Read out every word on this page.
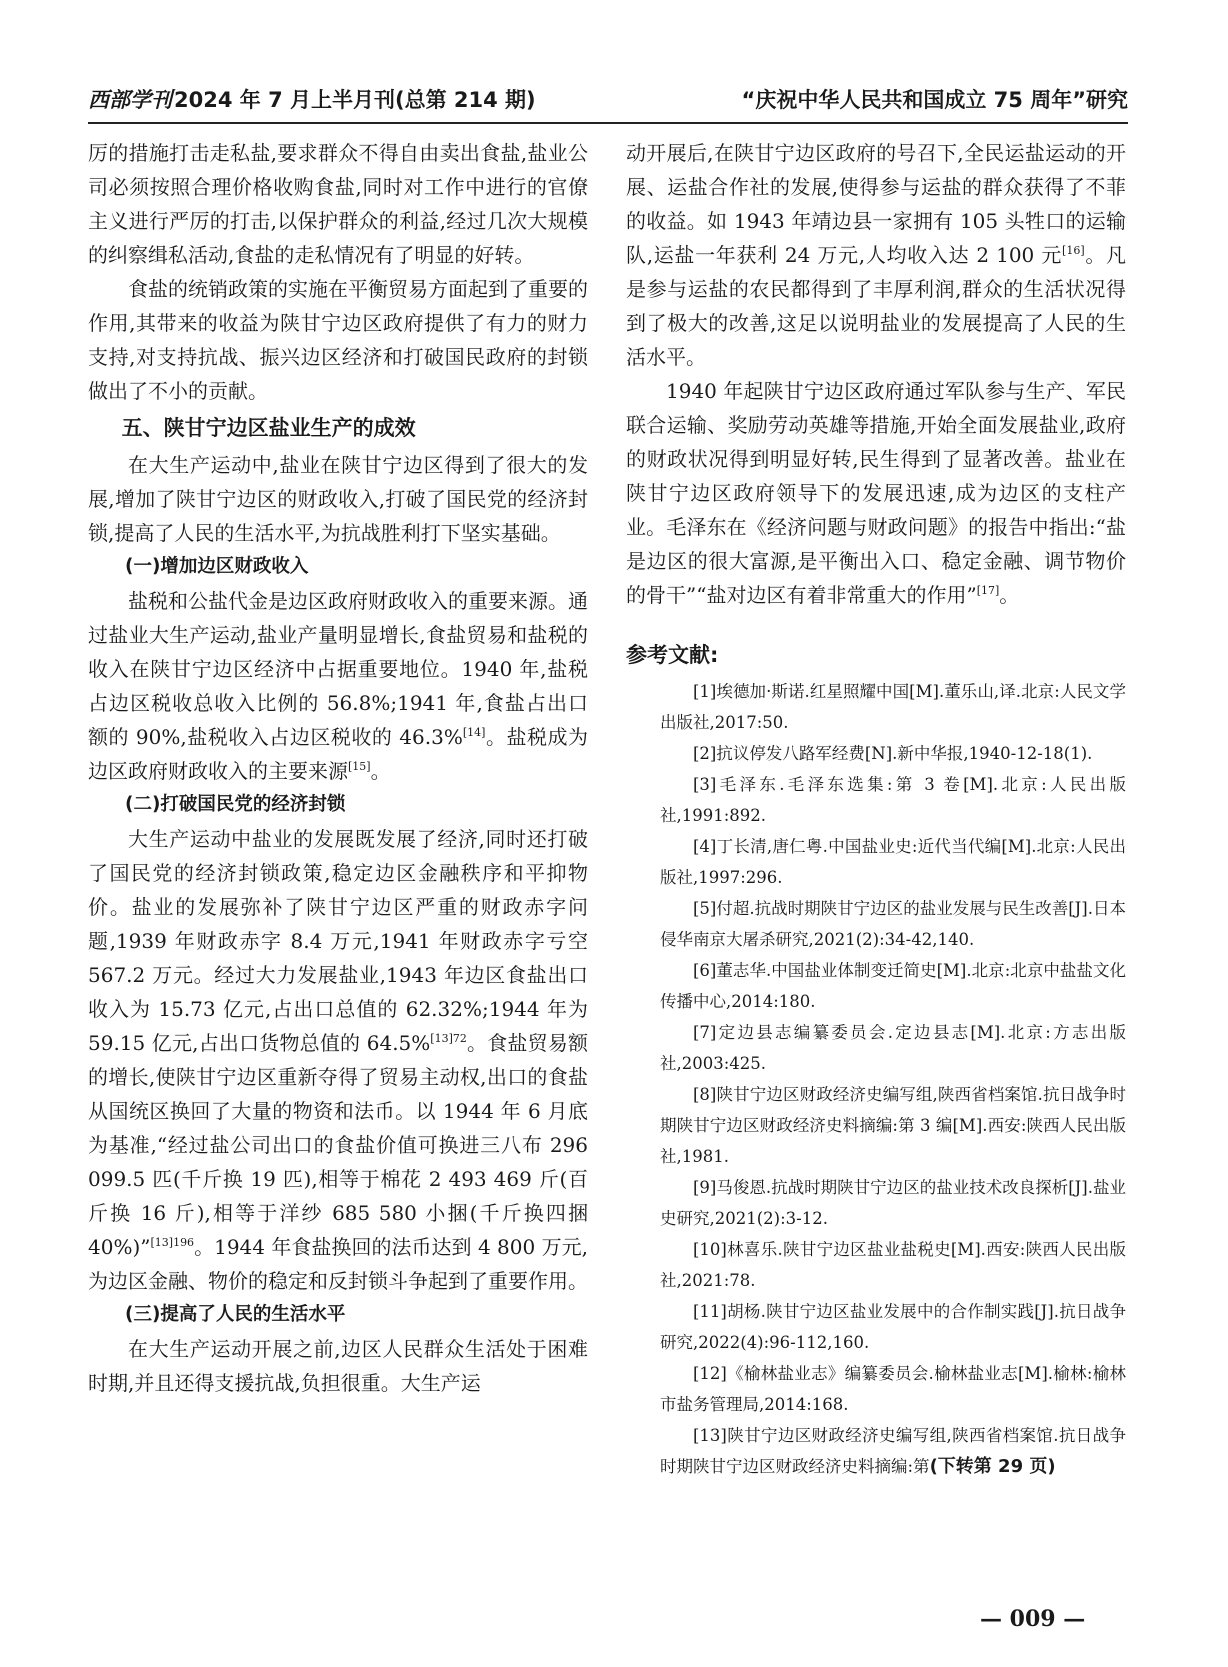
西部学刊2024 年 7 月上半月刊(总第 214 期)	“庆祝中华人民共和国成立 75 周年”研究

厉的措施打击走私盐,要求群众不得自由卖出食盐,盐业公司必须按照合理价格收购食盐,同时对工作中进行的官僚主义进行严厉的打击,以保护群众的利益,经过几次大规模的纠察缉私活动,食盐的走私情况有了明显的好转。

食盐的统销政策的实施在平衡贸易方面起到了重要的作用,其带来的收益为陕甘宁边区政府提供了有力的财力支持,对支持抗战、振兴边区经济和打破国民政府的封锁做出了不小的贡献。

五、陕甘宁边区盐业生产的成效

在大生产运动中,盐业在陕甘宁边区得到了很大的发展,增加了陕甘宁边区的财政收入,打破了国民党的经济封锁,提高了人民的生活水平,为抗战胜利打下坚实基础。

(一)增加边区财政收入

盐税和公盐代金是边区政府财政收入的重要来源。通过盐业大生产运动,盐业产量明显增长,食盐贸易和盐税的收入在陕甘宁边区经济中占据重要地位。1940 年,盐税占边区税收总收入比例的 56.8%;1941 年,食盐占出口额的 90%,盐税收入占边区税收的 46.3%[14]。盐税成为边区政府财政收入的主要来源[15]。

(二)打破国民党的经济封锁

大生产运动中盐业的发展既发展了经济,同时还打破了国民党的经济封锁政策,稳定边区金融秩序和平抑物价。盐业的发展弥补了陕甘宁边区严重的财政赤字问题,1939 年财政赤字 8.4 万元,1941 年财政赤字亏空 567.2 万元。经过大力发展盐业,1943 年边区食盐出口收入为 15.73 亿元,占出口总值的 62.32%;1944 年为 59.15 亿元,占出口货物总值的 64.5%$^{[13]72}$。食盐贸易额的增长,使陕甘宁边区重新夺得了贸易主动权,出口的食盐从国统区换回了大量的物资和法币。以 1944 年 6 月底为基准,“经过盐公司出口的食盐价值可换进三八布 296 099.5 匹(千斤换 19 匹),相等于棉花 2 493 469 斤(百斤换 16 斤),相等于洋纱 685 580 小捆(千斤换四捆 40%)”$^{[13]196}$。1944 年食盐换回的法币达到 4 800 万元,为边区金融、物价的稳定和反封锁斗争起到了重要作用。

(三)提高了人民的生活水平

在大生产运动开展之前,边区人民群众生活处于困难时期,并且还得支援抗战,负担很重。大生产运

动开展后,在陕甘宁边区政府的号召下,全民运盐运动的开展、运盐合作社的发展,使得参与运盐的群众获得了不菲的收益。如 1943 年靖边县一家拥有 105 头牲口的运输队,运盐一年获利 24 万元,人均收入达 2 100 元[16]。凡是参与运盐的农民都得到了丰厚利润,群众的生活状况得到了极大的改善,这足以说明盐业的发展提高了人民的生活水平。

1940 年起陕甘宁边区政府通过军队参与生产、军民联合运输、奖励劳动英雄等措施,开始全面发展盐业,政府的财政状况得到明显好转,民生得到了显著改善。盐业在陕甘宁边区政府领导下的发展迅速,成为边区的支柱产业。毛泽东在《经济问题与财政问题》的报告中指出:“盐是边区的很大富源,是平衡出入口、稳定金融、调节物价的骨干”“盐对边区有着非常重大的作用”[17]。

参考文献:

[1]埃德加·斯诺.红星照耀中国[M].董乐山,译.北京:人民文学出版社,2017:50.

[2]抗议停发八路军经费[N].新中华报,1940-12-18(1).

[3]毛泽东.毛泽东选集:第 3 卷[M].北京:人民出版社,1991:892.

[4]丁长清,唐仁粤.中国盐业史:近代当代编[M].北京:人民出版社,1997:296.

[5]付超.抗战时期陕甘宁边区的盐业发展与民生改善[J].日本侵华南京大屠杀研究,2021(2):34-42,140.

[6]董志华.中国盐业体制变迁简史[M].北京:北京中盐盐文化传播中心,2014:180.

[7]定边县志编纂委员会.定边县志[M].北京:方志出版社,2003:425.

[8]陕甘宁边区财政经济史编写组,陕西省档案馆.抗日战争时期陕甘宁边区财政经济史料摘编:第 3 编[M].西安:陕西人民出版社,1981.

[9]马俊恩.抗战时期陕甘宁边区的盐业技术改良探析[J].盐业史研究,2021(2):3-12.

[10]林喜乐.陕甘宁边区盐业盐税史[M].西安:陕西人民出版社,2021:78.

[11]胡杨.陕甘宁边区盐业发展中的合作制实践[J].抗日战争研究,2022(4):96-112,160.

[12]《榆林盐业志》编纂委员会.榆林盐业志[M].榆林:榆林市盐务管理局,2014:168.

[13]陕甘宁边区财政经济史编写组,陕西省档案馆.抗日战争时期陕甘宁边区财政经济史料摘编:第(下转第 29 页)

— 009 —
